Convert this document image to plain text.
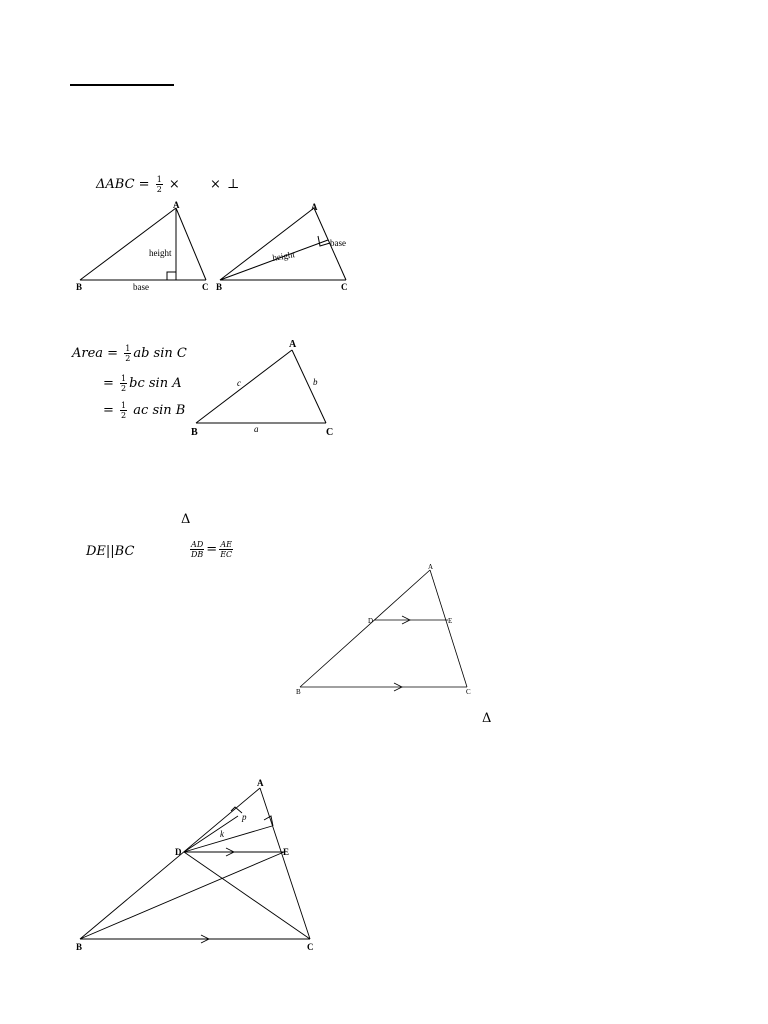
$\Delta ABC = \frac{1}{2}$ × × ⊥
A
B	C
height
base
A
B	C
height
base
Area = $\frac{1}{2}$ ab sin C
= $\frac{1}{2}$ bc sin A
= $\frac{1}{2}$ ac sin B
A
B	C
c	b
a
Δ
DE||BC	$\frac{AD}{DB} = \frac{AE}{EC}$
A
B	C
D	E
Δ
A
B	C
D	E
p
k
